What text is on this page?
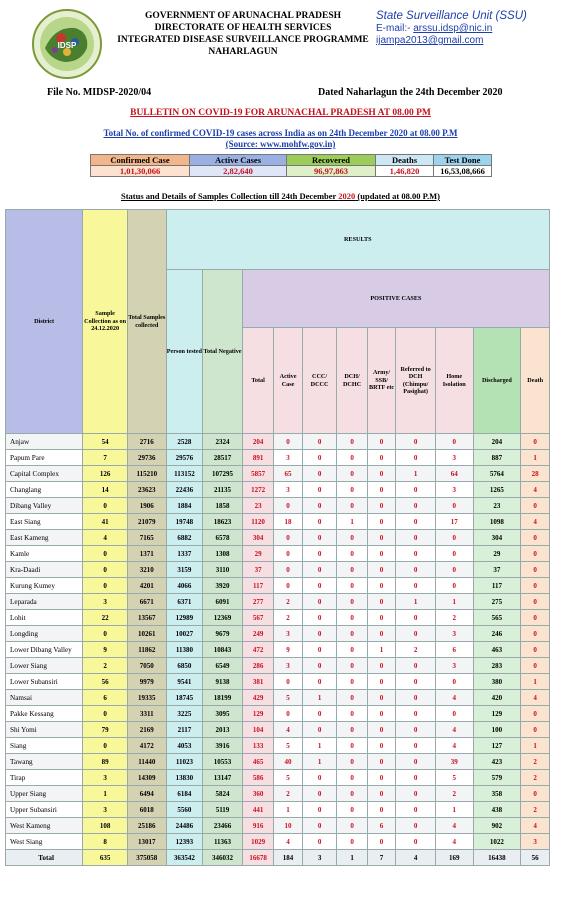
IDSP
GOVERNMENT OF ARUNACHAL PRADESH
DIRECTORATE OF HEALTH SERVICES
INTEGRATED DISEASE SURVEILLANCE PROGRAMME
NAHARLAGUN
State Surveillance Unit (SSU)
E-mail:- arssu.idsp@nic.in
ijampa2013@gmail.com
File No. MIDSP-2020/04	Dated Naharlagun the 24th December 2020
BULLETIN ON COVID-19 FOR ARUNACHAL PRADESH AT 08.00 PM
Total No. of confirmed COVID-19 cases across India as on 24th December 2020 at 08.00 P.M
(Source: www.mohfw.gov.in)
Confirmed Case	Active Cases	Recovered	Deaths	Test Done
1,01,30,066	2,82,640	96,97,863	1,46,820	16,53,08,666
Status and Details of Samples Collection till 24th December 2020 (updated at 08.00 P.M)
District	Sample Collection as on 24.12.2020	Total Samples collected	RESULTS										
			Person tested	Total Negative	POSITIVE CASES								
					Total	Active Case	CCC/ DCCC	DCH/ DCHC	Army/ SSB/ BRTF etc	Referred to DCH (Chimpu/ Pasighat)	Home Isolation	Discharged	Death
Anjaw	54	2716	2528	2324	204	0	0	0	0	0	0	204	0
Papum Pare	7	29736	29576	28517	891	3	0	0	0	0	3	887	1
Capital Complex	126	115210	113152	107295	5857	65	0	0	0	1	64	5764	28
Changlang	14	23623	22436	21135	1272	3	0	0	0	0	3	1265	4
Dibang Valley	0	1906	1884	1858	23	0	0	0	0	0	0	23	0
East Siang	41	21079	19748	18623	1120	18	0	1	0	0	17	1098	4
East Kameng	4	7165	6882	6578	304	0	0	0	0	0	0	304	0
Kamle	0	1371	1337	1308	29	0	0	0	0	0	0	29	0
Kra-Daadi	0	3210	3159	3110	37	0	0	0	0	0	0	37	0
Kurung Kumey	0	4201	4066	3920	117	0	0	0	0	0	0	117	0
Leparada	3	6671	6371	6091	277	2	0	0	0	1	1	275	0
Lohit	22	13567	12989	12369	567	2	0	0	0	0	2	565	0
Longding	0	10261	10027	9679	249	3	0	0	0	0	3	246	0
Lower Dibang Valley	9	11862	11380	10843	472	9	0	0	1	2	6	463	0
Lower Siang	2	7050	6850	6549	286	3	0	0	0	0	3	283	0
Lower Subansiri	56	9979	9541	9138	381	0	0	0	0	0	0	380	1
Namsai	6	19335	18745	18199	429	5	1	0	0	0	4	420	4
Pakke Kessang	0	3311	3225	3095	129	0	0	0	0	0	0	129	0
Shi Yomi	79	2169	2117	2013	104	4	0	0	0	0	4	100	0
Siang	0	4172	4053	3916	133	5	1	0	0	0	4	127	1
Tawang	89	11440	11023	10553	465	40	1	0	0	0	39	423	2
Tirap	3	14309	13830	13147	586	5	0	0	0	0	5	579	2
Upper Siang	1	6494	6184	5824	360	2	0	0	0	0	2	358	0
Upper Subansiri	3	6018	5560	5119	441	1	0	0	0	0	1	438	2
West Kameng	108	25186	24486	23466	916	10	0	0	6	0	4	902	4
West Siang	8	13017	12393	11363	1029	4	0	0	0	0	4	1022	3
Total	635	375058	363542	346032	16678	184	3	1	7	4	169	16438	56
